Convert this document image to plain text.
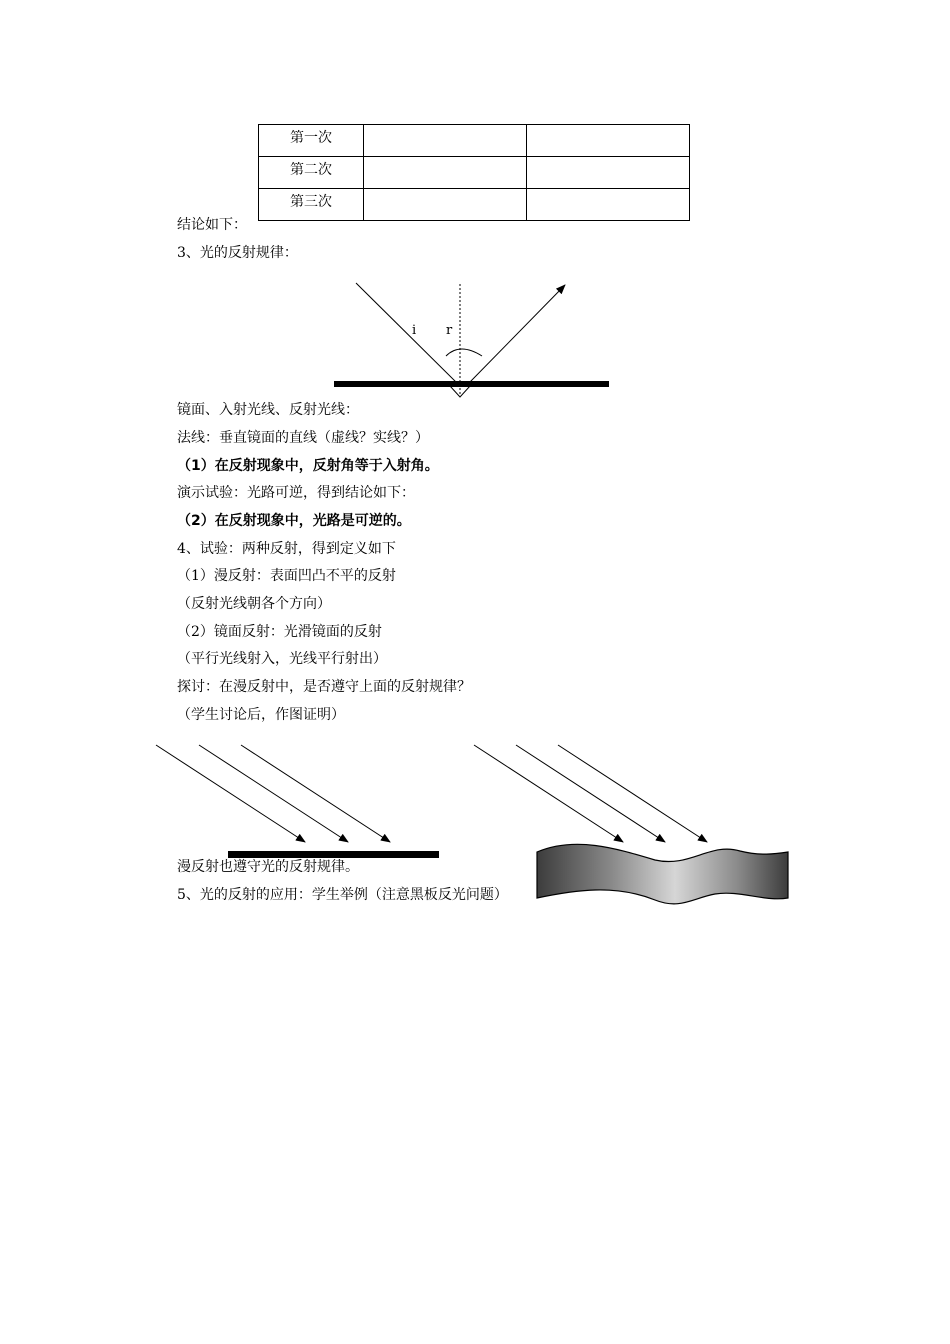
第一次		
第二次		
第三次		
结论如下：
3、光的反射规律：
i r
镜面、入射光线、反射光线：
法线：垂直镜面的直线（虚线？实线？）
（1）在反射现象中，反射角等于入射角。
演示试验：光路可逆，得到结论如下：
（2）在反射现象中，光路是可逆的。
4、试验：两种反射，得到定义如下
（1）漫反射：表面凹凸不平的反射
（反射光线朝各个方向）
（2）镜面反射：光滑镜面的反射
（平行光线射入，光线平行射出）
探讨：在漫反射中，是否遵守上面的反射规律？
（学生讨论后，作图证明）
漫反射也遵守光的反射规律。
5、光的反射的应用：学生举例（注意黑板反光问题）
